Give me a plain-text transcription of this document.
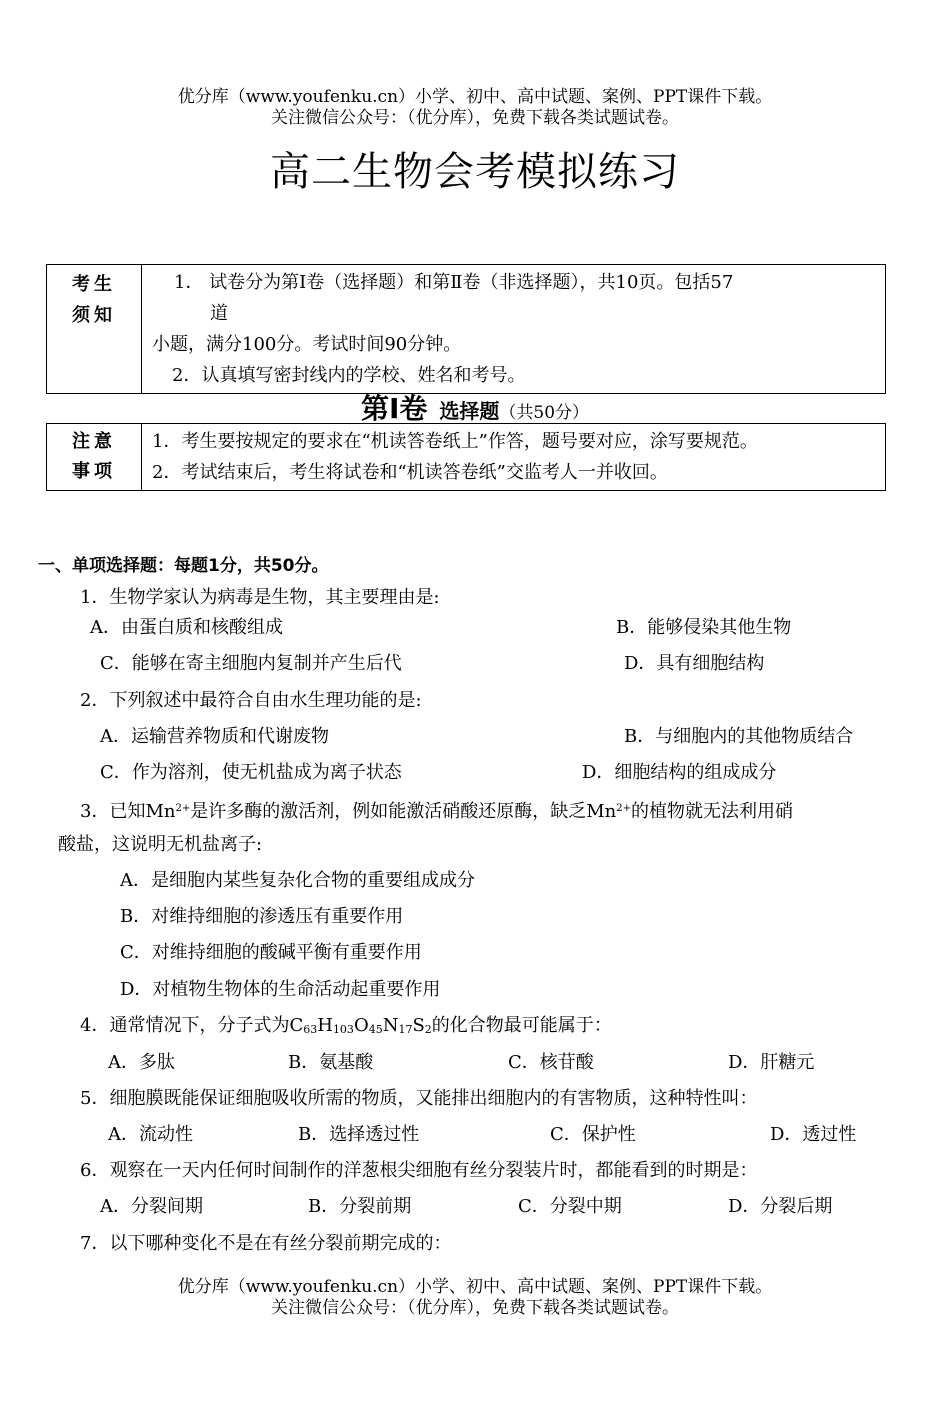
优分库（www.youfenku.cn）小学、初中、高中试题、案例、PPT课件下载。
关注微信公众号：（优分库），免费下载各类试题试卷。
高二生物会考模拟练习
考生
须知

1． 试卷分为第Ⅰ卷（选择题）和第Ⅱ卷（非选择题），共10页。包括57
道
小题，满分100分。考试时间90分钟。
2．认真填写密封线内的学校、姓名和考号。
第Ⅰ卷 选择题（共50分）
注意
事项

1．考生要按规定的要求在“机读答卷纸上”作答，题号要对应，涂写要规范。
2．考试结束后，考生将试卷和“机读答卷纸”交监考人一并收回。
一、单项选择题：每题1分，共50分。
1．生物学家认为病毒是生物，其主要理由是:
A．由蛋白质和核酸组成	B．能够侵染其他生物
C．能够在寄主细胞内复制并产生后代	D．具有细胞结构
2．下列叙述中最符合自由水生理功能的是:
A．运输营养物质和代谢废物	B．与细胞内的其他物质结合
C．作为溶剂，使无机盐成为离子状态	D．细胞结构的组成成分
3．已知$Mn^{2+}$是许多酶的激活剂，例如能激活硝酸还原酶，缺乏$Mn^{2+}$的植物就无法利用硝
酸盐，这说明无机盐离子:
A．是细胞内某些复杂化合物的重要组成成分
B．对维持细胞的渗透压有重要作用
C．对维持细胞的酸碱平衡有重要作用
D．对植物生物体的生命活动起重要作用
4．通常情况下，分子式为C63H103O45N17S2的化合物最可能属于：
A．多肽	B．氨基酸	C．核苷酸	D．肝糖元
5．细胞膜既能保证细胞吸收所需的物质，又能排出细胞内的有害物质，这种特性叫：
A．流动性	B．选择透过性	C．保护性	D．透过性
6．观察在一天内任何时间制作的洋葱根尖细胞有丝分裂装片时，都能看到的时期是：
A．分裂间期	B．分裂前期	C．分裂中期	D．分裂后期
7．以下哪种变化不是在有丝分裂前期完成的：
优分库（www.youfenku.cn）小学、初中、高中试题、案例、PPT课件下载。
关注微信公众号：（优分库），免费下载各类试题试卷。
